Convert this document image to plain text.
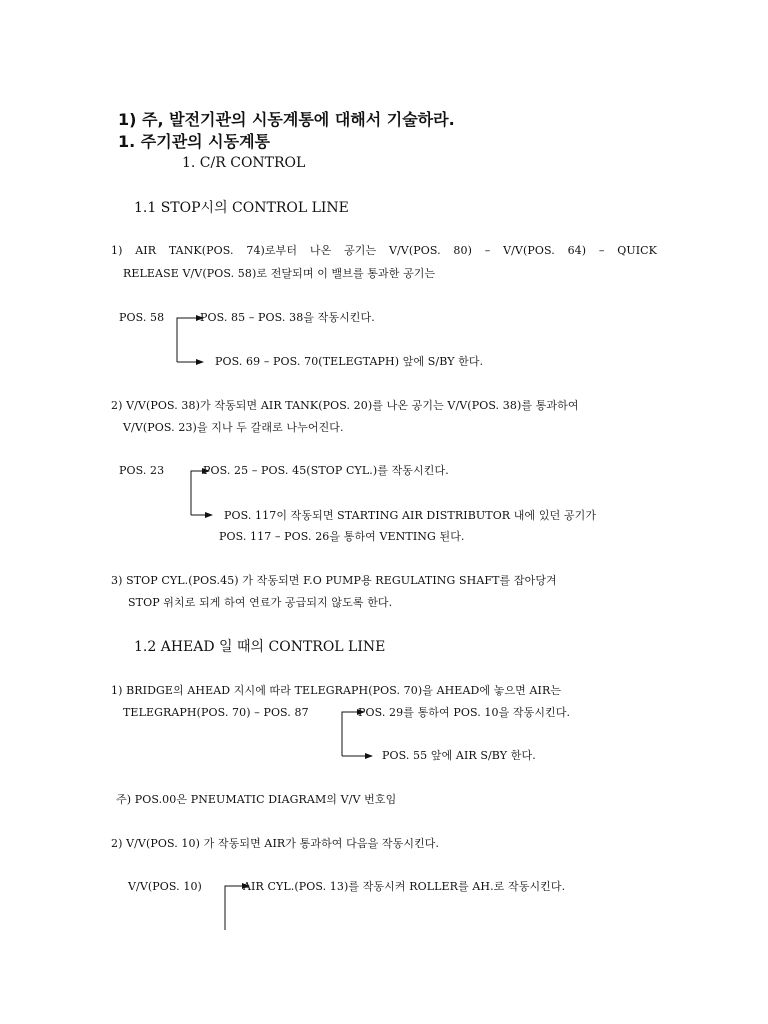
1) 주, 발전기관의 시동계통에 대해서 기술하라.
1. 주기관의 시동계통
1. C/R CONTROL
1.1 STOP시의 CONTROL LINE
1) AIR TANK(POS. 74)로부터 나온 공기는 V/V(POS. 80) – V/V(POS. 64) – QUICK
RELEASE V/V(POS. 58)로 전달되며 이 밸브를 통과한 공기는
POS. 58	POS. 85 – POS. 38을 작동시킨다.
POS. 69 – POS. 70(TELEGTAPH) 앞에 S/BY 한다.
2) V/V(POS. 38)가 작동되면 AIR TANK(POS. 20)를 나온 공기는 V/V(POS. 38)를 통과하여
V/V(POS. 23)을 지나 두 갈래로 나누어진다.
POS. 23	POS. 25 – POS. 45(STOP CYL.)를 작동시킨다.
POS. 117이 작동되면 STARTING AIR DISTRIBUTOR 내에 있던 공기가
POS. 117 – POS. 26을 통하여 VENTING 된다.
3) STOP CYL.(POS.45) 가 작동되면 F.O PUMP용 REGULATING SHAFT를 잡아당겨
STOP 위치로 되게 하여 연료가 공급되지 않도록 한다.
1.2 AHEAD 일 때의 CONTROL LINE
1) BRIDGE의 AHEAD 지시에 따라 TELEGRAPH(POS. 70)을 AHEAD에 놓으면 AIR는
TELEGRAPH(POS. 70) – POS. 87	POS. 29를 통하여 POS. 10을 작동시킨다.
POS. 55 앞에 AIR S/BY 한다.
주) POS.00은 PNEUMATIC DIAGRAM의 V/V 번호임
2) V/V(POS. 10) 가 작동되면 AIR가 통과하여 다음을 작동시킨다.
V/V(POS. 10)	AIR CYL.(POS. 13)를 작동시켜 ROLLER를 AH.로 작동시킨다.
